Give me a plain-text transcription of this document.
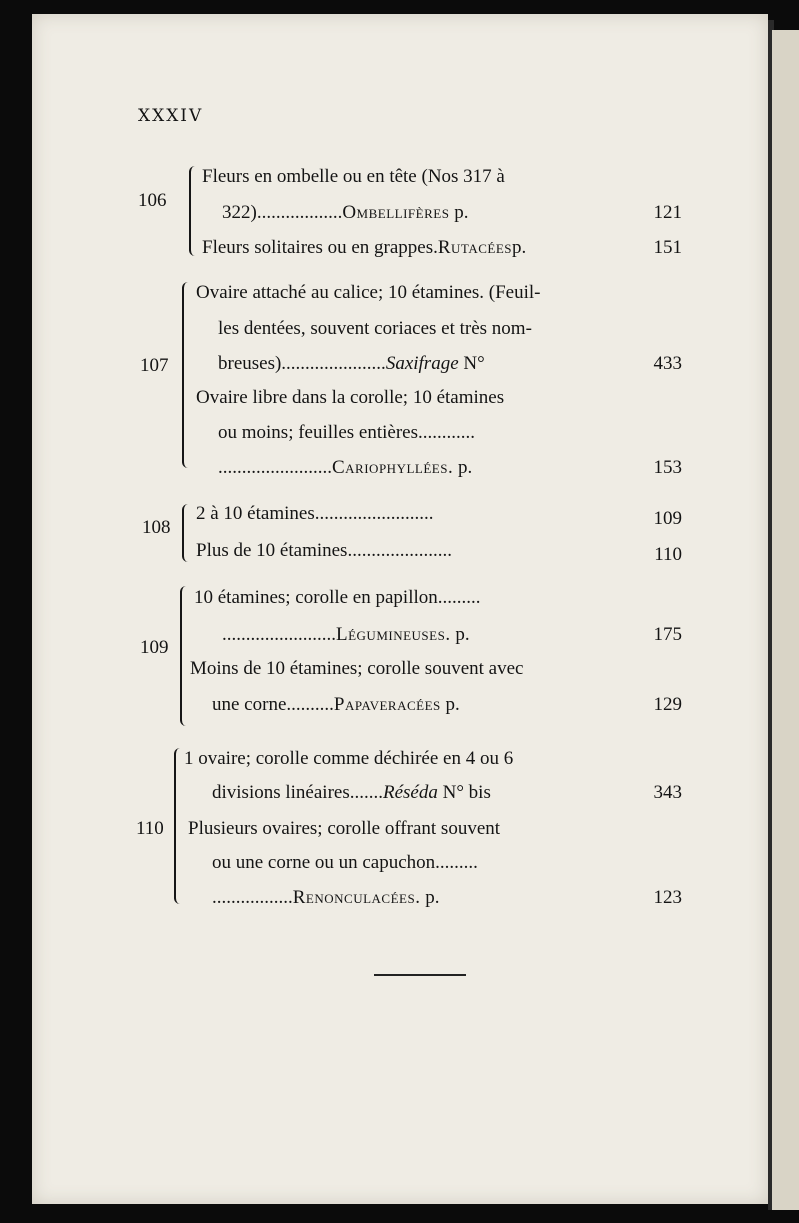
XXXIV
106
Fleurs en ombelle ou en tête (Nos 317 à
322)..................Ombellifères p.	121
Fleurs solitaires ou en grappes.Rutacéesp.	151
107
Ovaire attaché au calice; 10 étamines. (Feuil-
les dentées, souvent coriaces et très nom-
breuses)......................Saxifrage N°	433
Ovaire libre dans la corolle; 10 étamines
ou moins; feuilles entières............
........................Cariophyllées. p.	153
108
2 à 10 étamines.........................	109
Plus de 10 étamines......................	110
109
10 étamines; corolle en papillon.........
........................Légumineuses. p.	175
Moins de 10 étamines; corolle souvent avec
une corne..........Papaveracées p.	129
110
1 ovaire; corolle comme déchirée en 4 ou 6
divisions linéaires.......Réséda N° bis	343
Plusieurs ovaires; corolle offrant souvent
ou une corne ou un capuchon.........
.................Renonculacées. p.	123
